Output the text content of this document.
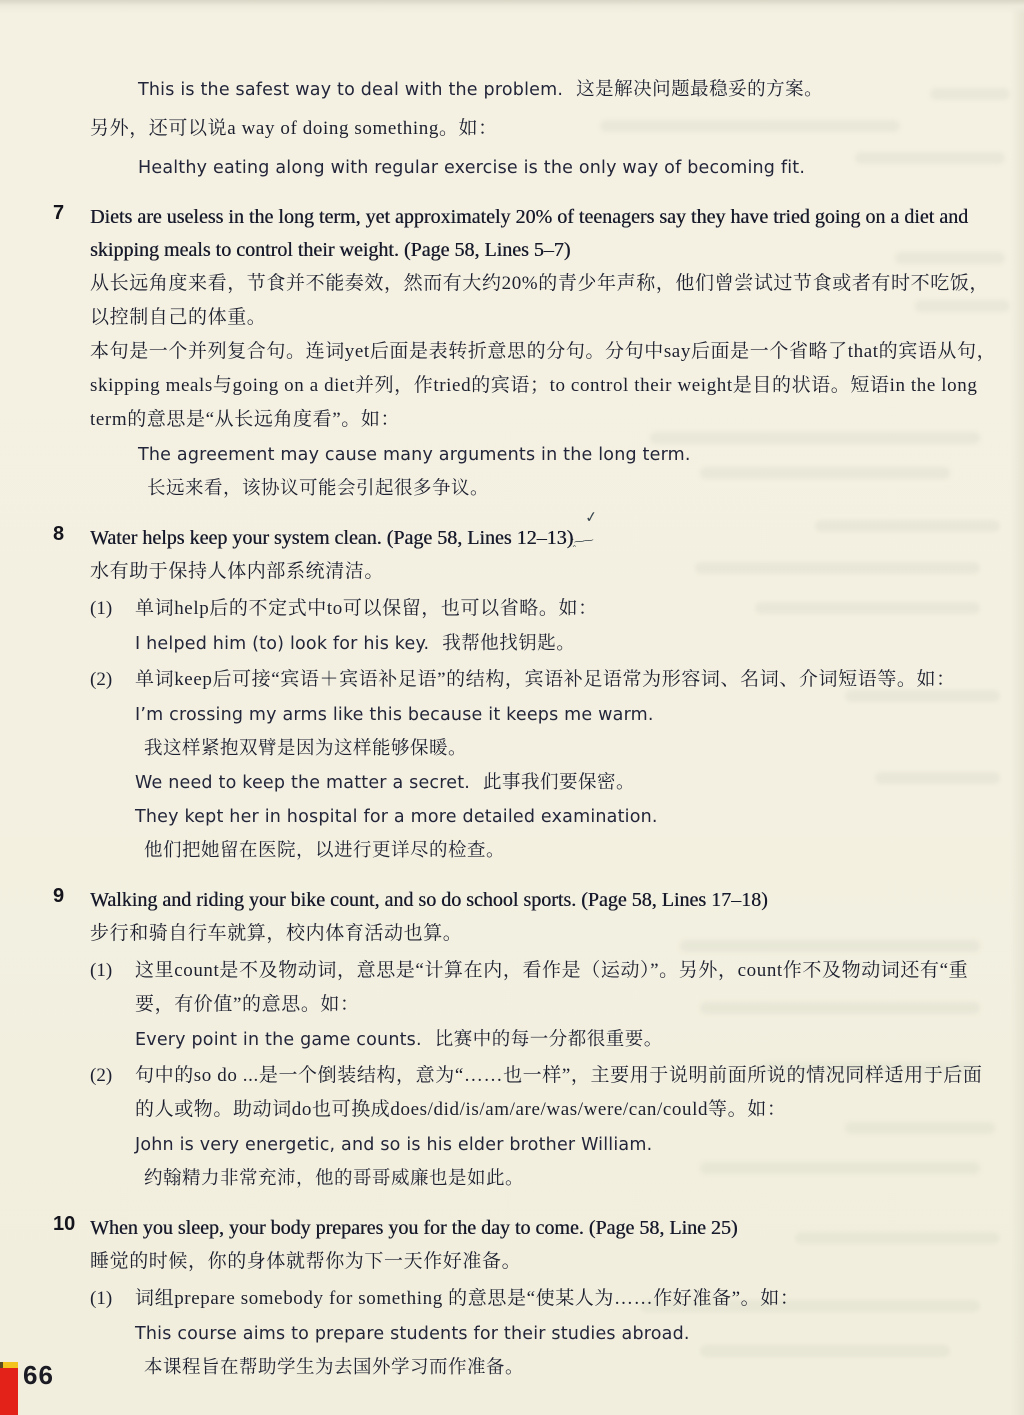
✓
་‸⁓⁓
This is the safest way to deal with the problem. 这是解决问题最稳妥的方案。
另外，还可以说a way of doing something。如：
Healthy eating along with regular exercise is the only way of becoming fit.
7 Diets are useless in the long term, yet approximately 20% of teenagers say they have tried going on a diet and skipping meals to control their weight. (Page 58, Lines 5–7)
从长远角度来看，节食并不能奏效，然而有大约20%的青少年声称，他们曾尝试过节食或者有时不吃饭，以控制自己的体重。
本句是一个并列复合句。连词yet后面是表转折意思的分句。分句中say后面是一个省略了that的宾语从句，skipping meals与going on a diet并列，作tried的宾语；to control their weight是目的状语。短语in the long term的意思是“从长远角度看”。如：
The agreement may cause many arguments in the long term.
长远来看，该协议可能会引起很多争议。
8 Water helps keep your system clean. (Page 58, Lines 12–13)
水有助于保持人体内部系统清洁。
(1)	单词help后的不定式中to可以保留，也可以省略。如：
I helped him (to) look for his key. 我帮他找钥匙。
(2)	单词keep后可接“宾语＋宾语补足语”的结构，宾语补足语常为形容词、名词、介词短语等。如：
I’m crossing my arms like this because it keeps me warm.
我这样紧抱双臂是因为这样能够保暖。
We need to keep the matter a secret. 此事我们要保密。
They kept her in hospital for a more detailed examination.
他们把她留在医院，以进行更详尽的检查。
9 Walking and riding your bike count, and so do school sports. (Page 58, Lines 17–18)
步行和骑自行车就算，校内体育活动也算。
(1)	这里count是不及物动词，意思是“计算在内，看作是（运动）”。另外，count作不及物动词还有“重要，有价值”的意思。如：
Every point in the game counts. 比赛中的每一分都很重要。
(2)	句中的so do ...是一个倒装结构，意为“……也一样”，主要用于说明前面所说的情况同样适用于后面的人或物。助动词do也可换成does/did/is/am/are/was/were/can/could等。如：
John is very energetic, and so is his elder brother William.
约翰精力非常充沛，他的哥哥威廉也是如此。
10 When you sleep, your body prepares you for the day to come. (Page 58, Line 25)
睡觉的时候，你的身体就帮你为下一天作好准备。
(1)	词组prepare somebody for something 的意思是“使某人为……作好准备”。如：
This course aims to prepare students for their studies abroad.
本课程旨在帮助学生为去国外学习而作准备。
66
